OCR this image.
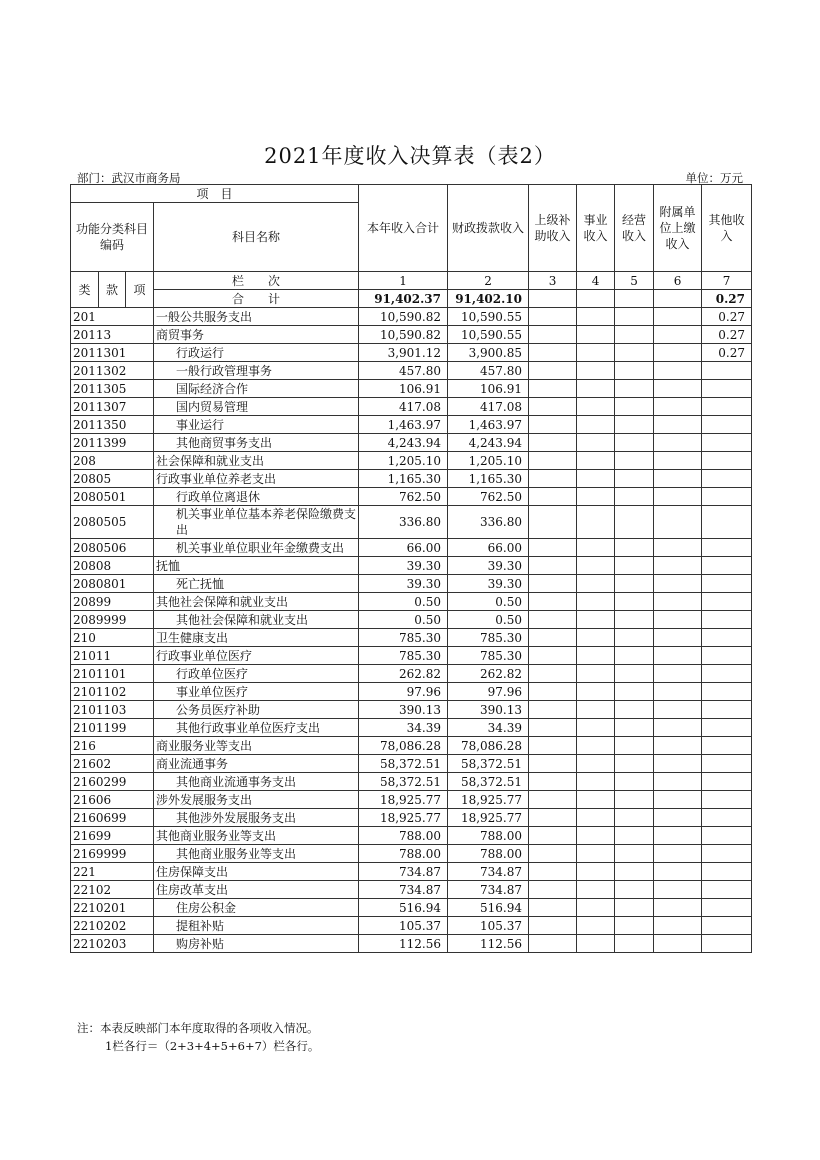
2021年度收入决算表（表2）
部门：武汉市商务局	单位：万元
项　目				本年收入合计	财政拨款收入	上级补助收入	事业收入	经营收入	附属单位上缴收入	其他收入
功能分类科目编码			科目名称							

类	款	项	栏　　次	1	2	3	4	5	6	7
			合　　计	91,402.37	91,402.10					0.27
201			一般公共服务支出	10,590.82	10,590.55					0.27
20113			商贸事务	10,590.82	10,590.55					0.27
2011301			行政运行	3,901.12	3,900.85					0.27
2011302			一般行政管理事务	457.80	457.80					
2011305			国际经济合作	106.91	106.91					
2011307			国内贸易管理	417.08	417.08					
2011350			事业运行	1,463.97	1,463.97					
2011399			其他商贸事务支出	4,243.94	4,243.94					
208			社会保障和就业支出	1,205.10	1,205.10					
20805			行政事业单位养老支出	1,165.30	1,165.30					
2080501			行政单位离退休	762.50	762.50					
2080505			机关事业单位基本养老保险缴费支出	336.80	336.80					
2080506			机关事业单位职业年金缴费支出	66.00	66.00					
20808			抚恤	39.30	39.30					
2080801			死亡抚恤	39.30	39.30					
20899			其他社会保障和就业支出	0.50	0.50					
2089999			其他社会保障和就业支出	0.50	0.50					
210			卫生健康支出	785.30	785.30					
21011			行政事业单位医疗	785.30	785.30					
2101101			行政单位医疗	262.82	262.82					
2101102			事业单位医疗	97.96	97.96					
2101103			公务员医疗补助	390.13	390.13					
2101199			其他行政事业单位医疗支出	34.39	34.39					
216			商业服务业等支出	78,086.28	78,086.28					
21602			商业流通事务	58,372.51	58,372.51					
2160299			其他商业流通事务支出	58,372.51	58,372.51					
21606			涉外发展服务支出	18,925.77	18,925.77					
2160699			其他涉外发展服务支出	18,925.77	18,925.77					
21699			其他商业服务业等支出	788.00	788.00					
2169999			其他商业服务业等支出	788.00	788.00					
221			住房保障支出	734.87	734.87					
22102			住房改革支出	734.87	734.87					
2210201			住房公积金	516.94	516.94					
2210202			提租补贴	105.37	105.37					
2210203			购房补贴	112.56	112.56					
注：本表反映部门本年度取得的各项收入情况。
1栏各行＝（2+3+4+5+6+7）栏各行。
